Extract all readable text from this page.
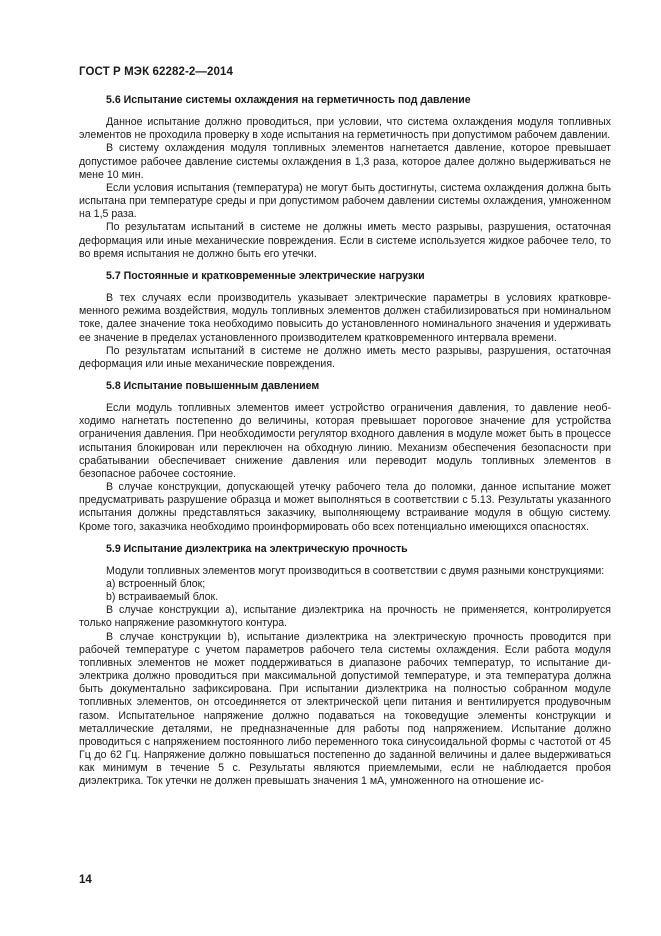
ГОСТ Р МЭК 62282-2—2014
5.6 Испытание системы охлаждения на герметичность под давление

Данное испытание должно проводиться, при условии, что система охлаждения модуля топливных элементов не проходила проверку в ходе испытания на герметичность при допустимом рабочем давлении.

В систему охлаждения модуля топливных элементов нагнетается давление, которое превышает допустимое рабочее давление системы охлаждения в 1,3 раза, которое далее должно выдерживаться не мене 10 мин.

Если условия испытания (температура) не могут быть достигнуты, система охлаждения должна быть испытана при температуре среды и при допустимом рабочем давлении системы охлаждения, умноженном на 1,5 раза.

По результатам испытаний в системе не должны иметь место разрывы, разрушения, остаточная деформация или иные механические повреждения. Если в системе используется жидкое рабочее тело, то во время испытания не должно быть его утечки.

5.7 Постоянные и кратковременные электрические нагрузки

В тех случаях если производитель указывает электрические параметры в условиях кратковременного режима воздействия, модуль топливных элементов должен стабилизироваться при номинальном токе, далее значение тока необходимо повысить до установленного номинального значения и удерживать ее значение в пределах установленного производителем кратковременного интервала времени.

По результатам испытаний в системе не должно иметь место разрывы, разрушения, остаточная деформация или иные механические повреждения.

5.8 Испытание повышенным давлением

Если модуль топливных элементов имеет устройство ограничения давления, то давление необходимо нагнетать постепенно до величины, которая превышает пороговое значение для устройства ограничения давления. При необходимости регулятор входного давления в модуле может быть в процессе испытания блокирован или переключен на обходную линию. Механизм обеспечения безопасности при срабатывании обеспечивает снижение давления или переводит модуль топливных элементов в безопасное рабочее состояние.

В случае конструкции, допускающей утечку рабочего тела до поломки, данное испытание может предусматривать разрушение образца и может выполняться в соответствии с 5.13. Результаты указанного испытания должны представляться заказчику, выполняющему встраивание модуля в общую систему. Кроме того, заказчика необходимо проинформировать обо всех потенциально имеющихся опасностях.

5.9 Испытание диэлектрика на электрическую прочность

Модули топливных элементов могут производиться в соответствии с двумя разными конструкциями:

a) встроенный блок;

b) встраиваемый блок.

В случае конструкции а), испытание диэлектрика на прочность не применяется, контролируется только напряжение разомкнутого контура.

В случае конструкции b), испытание диэлектрика на электрическую прочность проводится при рабочей температуре с учетом параметров рабочего тела системы охлаждения. Если работа модуля топливных элементов не может поддерживаться в диапазоне рабочих температур, то испытание диэлектрика должно проводиться при максимальной допустимой температуре, и эта температура должна быть документально зафиксирована. При испытании диэлектрика на полностью собранном модуле топливных элементов, он отсоединяется от электрической цепи питания и вентилируется продувочным газом. Испытательное напряжение должно подаваться на токоведущие элементы конструкции и металлические деталями, не предназначенные для работы под напряжением. Испытание должно проводиться с напряжением постоянного либо переменного тока синусоидальной формы с частотой от 45 Гц до 62 Гц. Напряжение должно повышаться постепенно до заданной величины и далее выдерживаться как минимум в течение 5 с. Результаты являются приемлемыми, если не наблюдается пробоя диэлектрика. Ток утечки не должен превышать значения 1 мА, умноженного на отношение ис-

14
